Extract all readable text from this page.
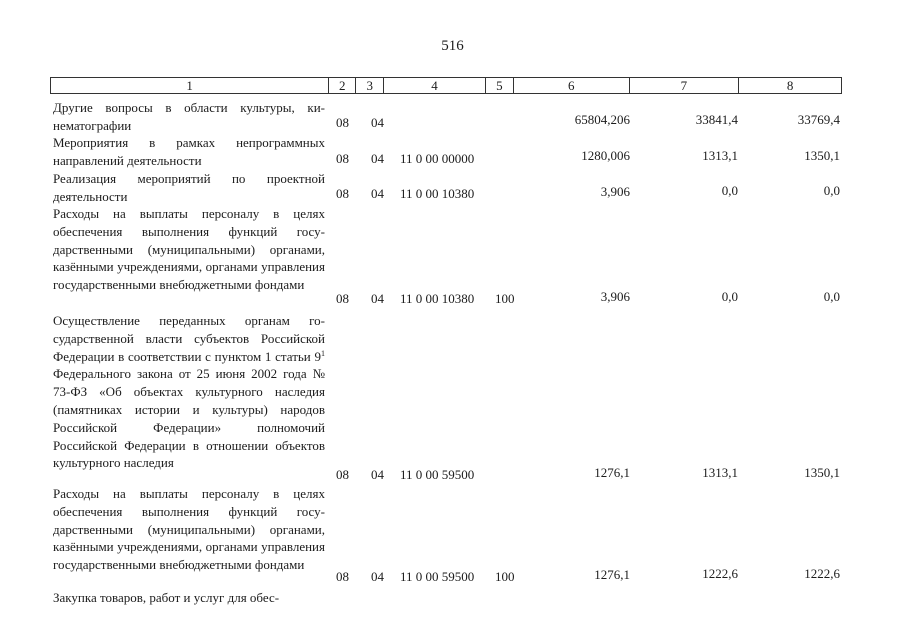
516
1	2	3	4	5	6	7	8
Другие вопросы в области культуры, кинематографии	08 04	65804,206	33841,4	33769,4
Мероприятия в рамках непрограммных направлений деятельности	08 04 11 0 00 00000	1280,006	1313,1	1350,1
Реализация мероприятий по проектной деятельности	08 04 11 0 00 10380	3,906	0,0	0,0
Расходы на выплаты персоналу в целях обеспечения выполнения функций государственными (муниципальными) органами, казёнными учреждениями, органами управления государственными внебюджетными фондами
08 04 11 0 00 10380 100	3,906	0,0	0,0
Осуществление переданных органам государственной власти субъектов Российской Федерации в соответствии с пунктом 1 статьи $9^1$ Федерального закона от 25 июня 2002 года № 73-ФЗ «Об объектах культурного наследия (памятниках истории и культуры) народов Российской Федерации» полномочий Российской Федерации в отношении объектов культурного наследия
08 04 11 0 00 59500	1276,1	1313,1	1350,1
Расходы на выплаты персоналу в целях обеспечения выполнения функций государственными (муниципальными) органами, казёнными учреждениями, органами управления государственными внебюджетными фондами
08 04 11 0 00 59500 100	1276,1	1222,6	1222,6
Закупка товаров, работ и услуг для обес-
